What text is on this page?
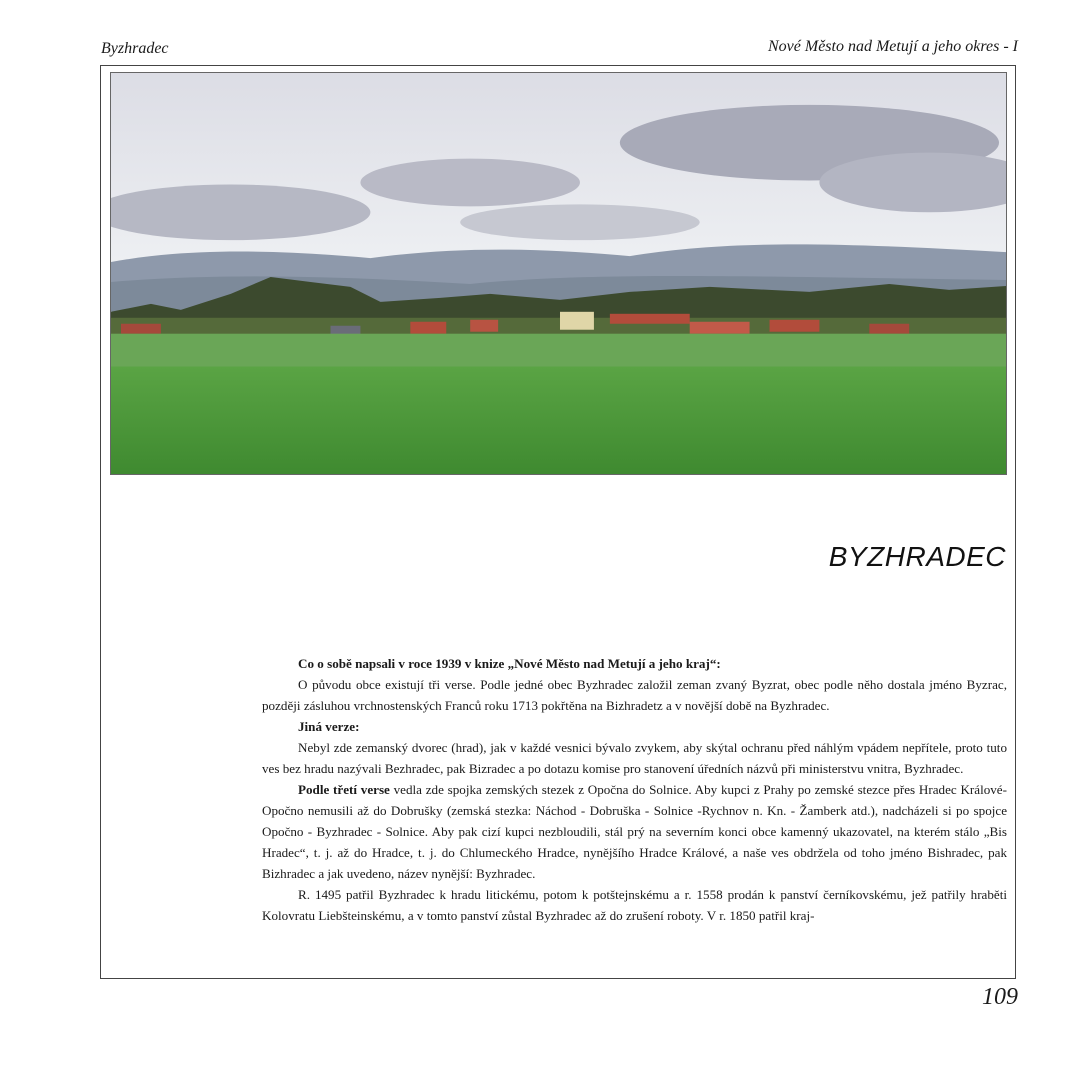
Byzhradec	Nové Město nad Metují a jeho okres - I
BYZHRADEC

Co o sobě napsali v roce 1939 v knize „Nové Město nad Metují a jeho kraj“:

O původu obce existují tři verse. Podle jedné obec Byzhradec založil zeman zvaný Byzrat, obec podle něho dostala jméno Byzrac, později zásluhou vrchnostenských Franců roku 1713 pokřtěna na Bizhradetz a v novější době na Byzhradec.

Jiná verze:

Nebyl zde zemanský dvorec (hrad), jak v každé vesnici bývalo zvykem, aby skýtal ochranu před náhlým vpádem nepřítele, proto tuto ves bez hradu nazývali Bezhradec, pak Bizradec a po dotazu komise pro stanovení úředních názvů při ministerstvu vnitra, Byzhradec.

Podle třetí verse vedla zde spojka zemských stezek z Opočna do Solnice. Aby kupci z Prahy po zemské stezce přes Hradec Králové-Opočno nemusili až do Dobrušky (zemská stezka: Náchod - Dobruška - Solnice -Rychnov n. Kn. - Žamberk atd.), nadcházeli si po spojce Opočno - Byzhradec - Solnice. Aby pak cizí kupci nezbloudili, stál prý na severním konci obce kamenný ukazovatel, na kterém stálo „Bis Hradec“, t. j. až do Hradce, t. j. do Chlumeckého Hradce, nynějšího Hradce Králové, a naše ves obdržela od toho jméno Bishradec, pak Bizhradec a jak uvedeno, název nynější: Byzhradec.

R. 1495 patřil Byzhradec k hradu litickému, potom k potštejnskému a r. 1558 prodán k panství černíkovskému, jež patřily hraběti Kolovratu Liebšteinskému, a v tomto panství zůstal Byzhradec až do zrušení roboty. V r. 1850 patřil kraj-

109
